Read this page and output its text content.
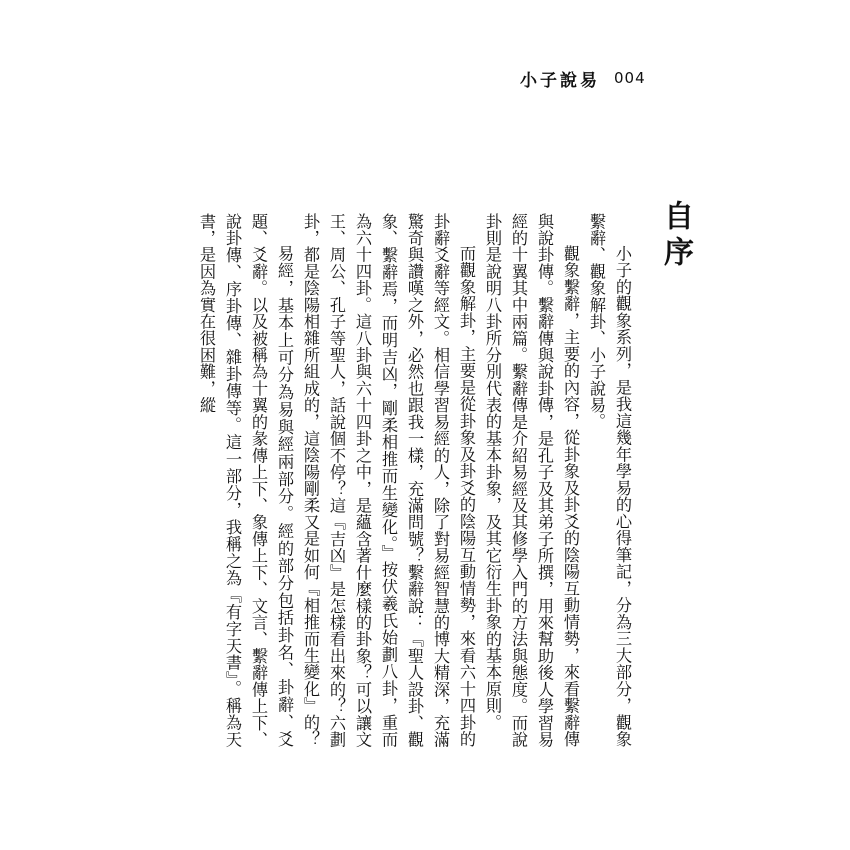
小子說易 004
自序

小子的觀象系列，是我這幾年學易的心得筆記，分為三大部分，觀象繫辭、觀象解卦、小子說易。

觀象繫辭，主要的內容，從卦象及卦爻的陰陽互動情勢，來看繫辭傳與說卦傳。繫辭傳與說卦傳，是孔子及其弟子所撰，用來幫助後人學習易經的十翼其中兩篇。繫辭傳是介紹易經及其修學入門的方法與態度。而說卦則是說明八卦所分別代表的基本卦象，及其它衍生卦象的基本原則。

而觀象解卦，主要是從卦象及卦爻的陰陽互動情勢，來看六十四卦的卦辭爻辭等經文。相信學習易經的人，除了對易經智慧的博大精深，充滿驚奇與讚嘆之外，必然也跟我一樣，充滿問號？繫辭說：『聖人設卦、觀象、繫辭焉，而明吉凶，剛柔相推而生變化。』按伏羲氏始劃八卦，重而為六十四卦。這八卦與六十四卦之中，是蘊含著什麼樣的卦象？可以讓文王、周公、孔子等聖人，話說個不停？這『吉凶』是怎樣看出來的？六劃卦，都是陰陽相雜所組成的，這陰陽剛柔又是如何『相推而生變化』的？

易經，基本上可分為易與經兩部分。經的部分包括卦名、卦辭、爻題、爻辭。以及被稱為十翼的彖傳上下、象傳上下、文言、繫辭傳上下、說卦傳、序卦傳、雜卦傳等。這一部分，我稱之為『有字天書』。稱為天書，是因為實在很困難，縱
